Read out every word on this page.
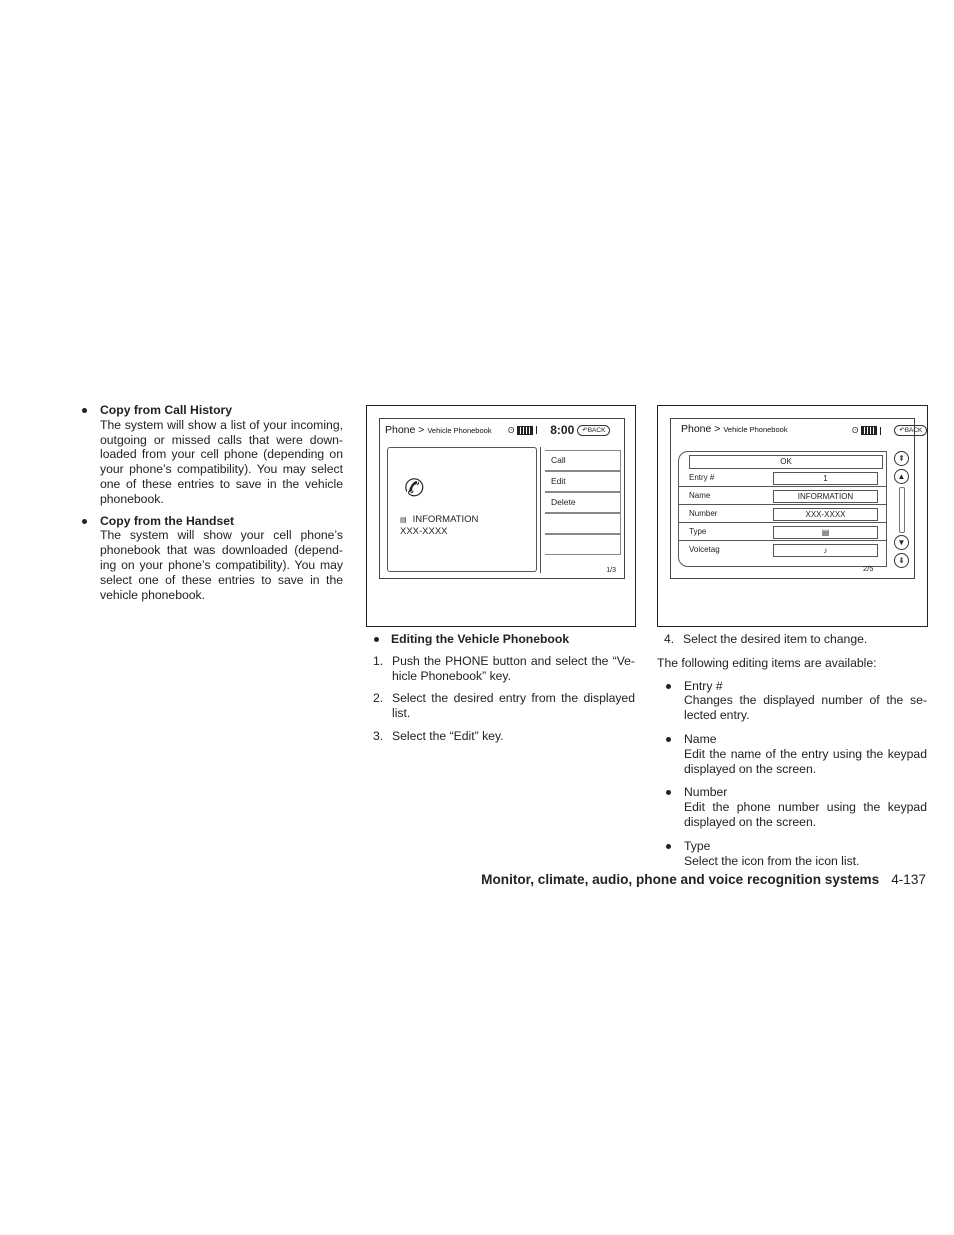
Copy from Call History
The system will show a list of your incoming, outgoing or missed calls that were down- loaded from your cell phone (depending on your phone’s compatibility). You may select one of these entries to save in the vehicle phonebook.
Copy from the Handset
The system will show your cell phone’s phonebook that was downloaded (depend- ing on your phone’s compatibility). You may select one of these entries to save in the vehicle phonebook.
Phone > Vehicle Phonebook ʘ	8:00	↶BACK
✆
▤ INFORMATION
XXX-XXXX
Call
Edit
Delete
1/3
Phone > Vehicle Phonebook	ʘ	↶BACK
OK
Entry #	1
Name	INFORMATION
Number	XXX-XXXX
Type	▤
Voicetag	♪
⇞
▲
▼
⇟
2/5
Editing the Vehicle Phonebook
1. Push the PHONE button and select the “Ve- hicle Phonebook” key.
2. Select the desired entry from the displayed list.
3. Select the “Edit” key.
4. Select the desired item to change.
The following editing items are available:
Entry #
Changes the displayed number of the se- lected entry.
Name
Edit the name of the entry using the keypad displayed on the screen.
Number
Edit the phone number using the keypad displayed on the screen.
Type
Select the icon from the icon list.
Monitor, climate, audio, phone and voice recognition systems 4-137
